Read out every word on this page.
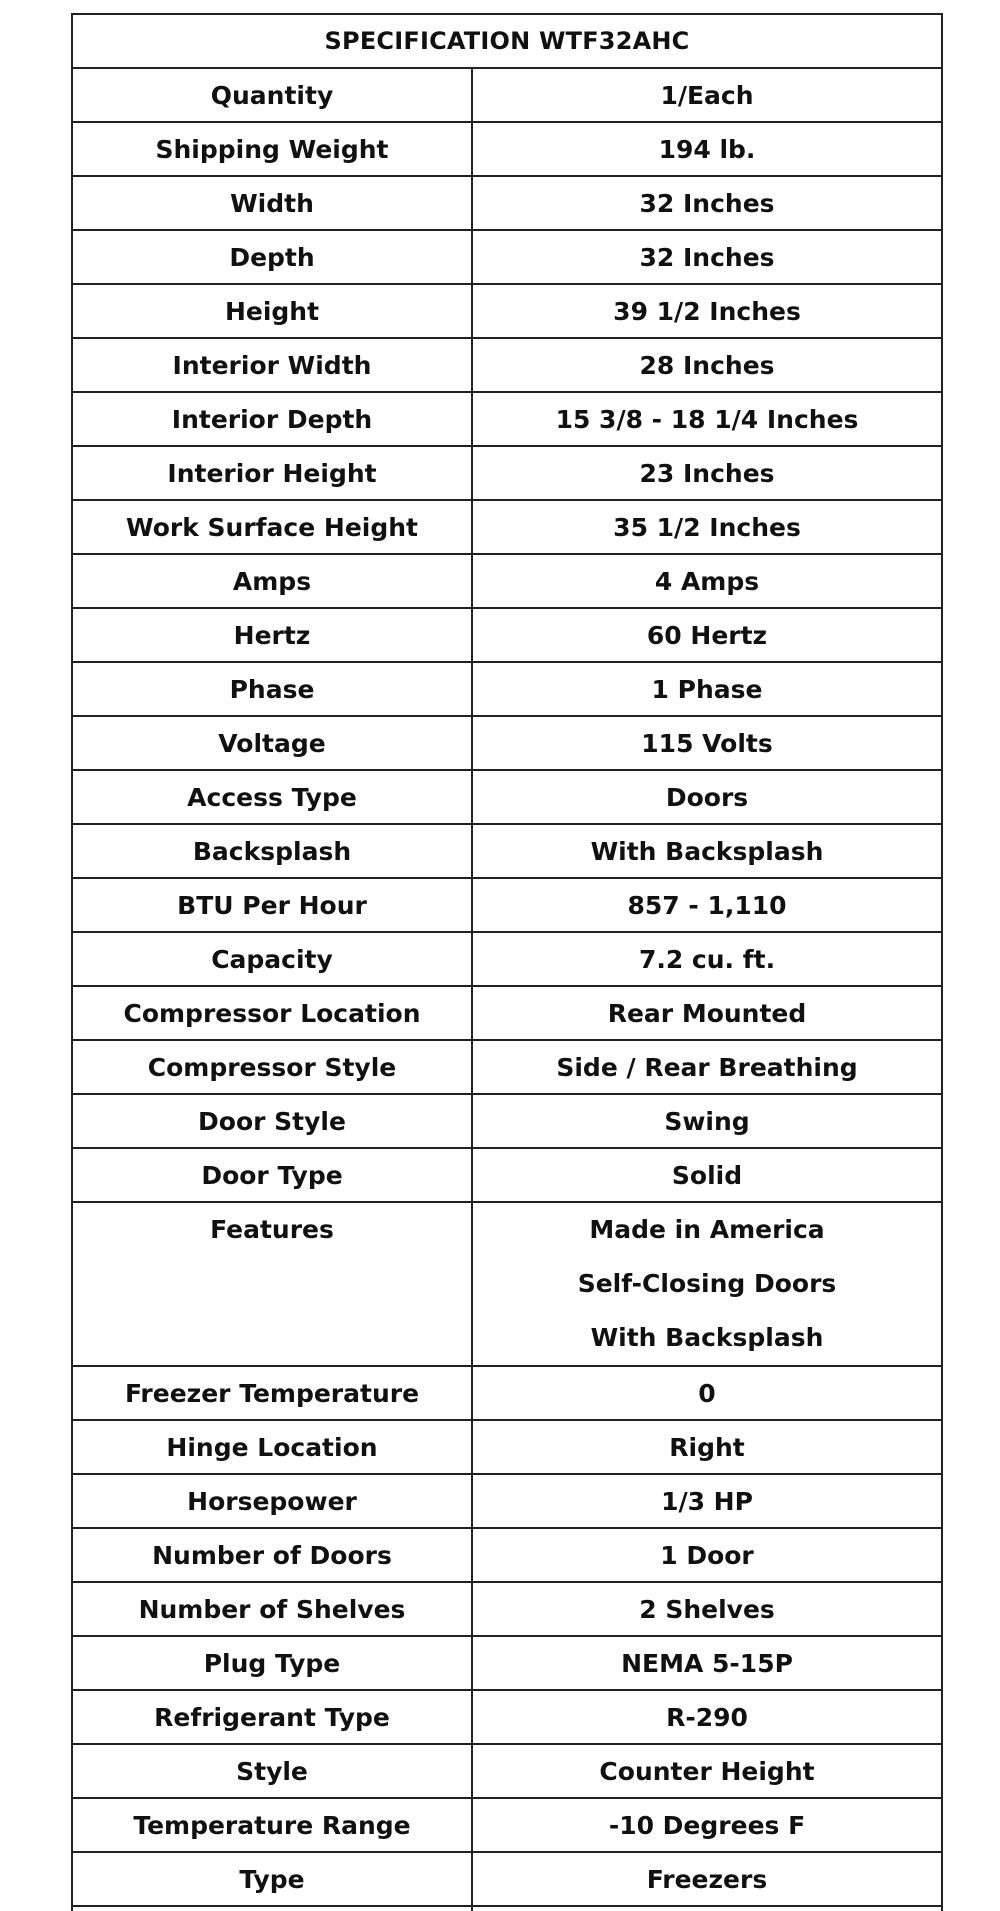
SPECIFICATION WTF32AHC	
Quantity	1/Each
Shipping Weight	194 lb.
Width	32 Inches
Depth	32 Inches
Height	39 1/2 Inches
Interior Width	28 Inches
Interior Depth	15 3/8 - 18 1/4 Inches
Interior Height	23 Inches
Work Surface Height	35 1/2 Inches
Amps	4 Amps
Hertz	60 Hertz
Phase	1 Phase
Voltage	115 Volts
Access Type	Doors
Backsplash	With Backsplash
BTU Per Hour	857 - 1,110
Capacity	7.2 cu. ft.
Compressor Location	Rear Mounted
Compressor Style	Side / Rear Breathing
Door Style	Swing
Door Type	Solid
Features	Made in America
Self-Closing Doors
With Backsplash

Freezer Temperature	0
Hinge Location	Right
Horsepower	1/3 HP
Number of Doors	1 Door
Number of Shelves	2 Shelves
Plug Type	NEMA 5-15P
Refrigerant Type	R-290
Style	Counter Height
Temperature Range	-10 Degrees F
Type	Freezers
